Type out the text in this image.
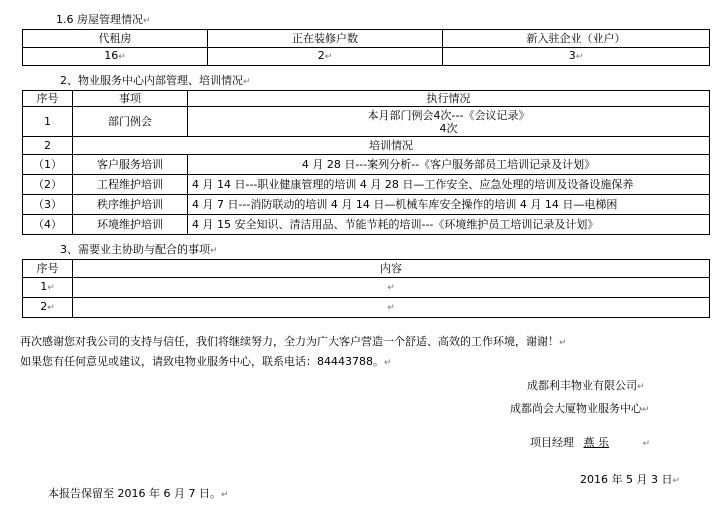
1.6 房屋管理情况↵
代租房	正在装修户数	新入驻企业（业户）
16↵	2↵	3↵
2、物业服务中心内部管理、培训情况↵
序号	事项	执行情况
1	部门例会	本月部门例会4次---《会议记录》
4次

2	培训情况	
（1）	客户服务培训	4 月 28 日---案列分析--《客户服务部员工培训记录及计划》
（2）	工程维护培训	4 月 14 日---职业健康管理的培训 4 月 28 日—工作安全、应急处理的培训及设备设施保养
（3）	秩序维护培训	4 月 7 日---消防联动的培训 4 月 14 日—机械车库安全操作的培训 4 月 14 日—电梯困
（4）	环境维护培训	4 月 15 安全知识、清洁用品、节能节耗的培训---《环境维护员工培训记录及计划》
3、需要业主协助与配合的事项↵
序号	内容
1↵	↵
2↵	↵
再次感谢您对我公司的支持与信任，我们将继续努力，全力为广大客户营造一个舒适、高效的工作环境，谢谢！↵
如果您有任何意见或建议，请致电物业服务中心，联系电话：84443788。↵
成都利丰物业有限公司↵
成都尚会大厦物业服务中心↵
项目经理 燕 乐	↵
2016 年 5 月 3 日↵
本报告保留至 2016 年 6 月 7 日。↵
